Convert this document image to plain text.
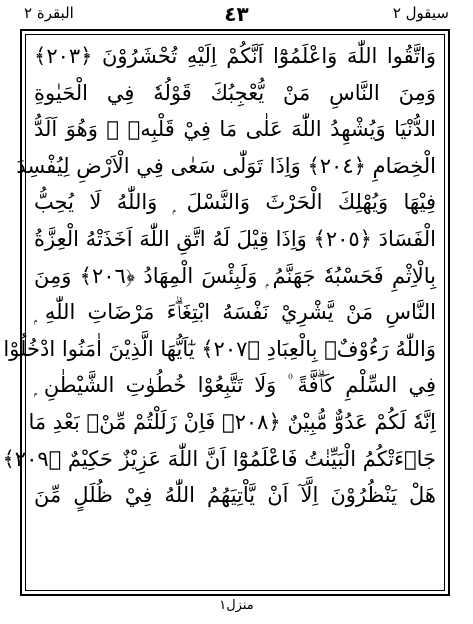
البقرة ٢	٤٣	سيقول ٢
وَاتَّقُوا اللّٰهَ وَاعْلَمُوْٓا اَنَّكُمْ اِلَيْهِ تُحْشَرُوْنَ ﴿٢٠٣﴾
وَمِنَ النَّاسِ مَنْ يُّعْجِبُكَ قَوْلُهٗ فِي الْحَيٰوةِ
الدُّنْيَا وَيُشْهِدُ اللّٰهَ عَلٰى مَا فِيْ قَلْبِهٖ ۙ وَهُوَ اَلَدُّ
الْخِصَامِ ﴿٢٠٤﴾ وَاِذَا تَوَلّٰى سَعٰى فِي الْاَرْضِ لِيُفْسِدَ
فِيْهَا وَيُهْلِكَ الْحَرْثَ وَالنَّسْلَ ۭ وَاللّٰهُ لَا يُحِبُّ
الْفَسَادَ ﴿٢٠٥﴾ وَاِذَا قِيْلَ لَهُ اتَّقِ اللّٰهَ اَخَذَتْهُ الْعِزَّةُ
بِالْاِثْمِ فَحَسْبُهٗ جَهَنَّمُ ۭ وَلَبِئْسَ الْمِهَادُ ﴿٢٠٦﴾ وَمِنَ
النَّاسِ مَنْ يَّشْرِيْ نَفْسَهُ ابْتِغَاۗءَ مَرْضَاتِ اللّٰهِ ۭ
وَاللّٰهُ رَءُوْفٌۢ بِالْعِبَادِ ﴿٢٠٧﴾ يٰٓاَيُّهَا الَّذِيْنَ اٰمَنُوا ادْخُلُوْا
فِي السِّلْمِ كَاۗفَّةً ۠ وَلَا تَتَّبِعُوْا خُطُوٰتِ الشَّيْطٰنِ ۭ
اِنَّهٗ لَكُمْ عَدُوٌّ مُّبِيْنٌ ﴿٢٠٨﴾ فَاِنْ زَلَلْتُمْ مِّنْۢ بَعْدِ مَا
جَاۗءَتْكُمُ الْبَيِّنٰتُ فَاعْلَمُوْٓا اَنَّ اللّٰهَ عَزِيْزٌ حَكِيْمٌ ﴿٢٠٩﴾
هَلْ يَنْظُرُوْنَ اِلَّآ اَنْ يَّاْتِيَهُمُ اللّٰهُ فِيْ ظُلَلٍ مِّنَ
منزل١
